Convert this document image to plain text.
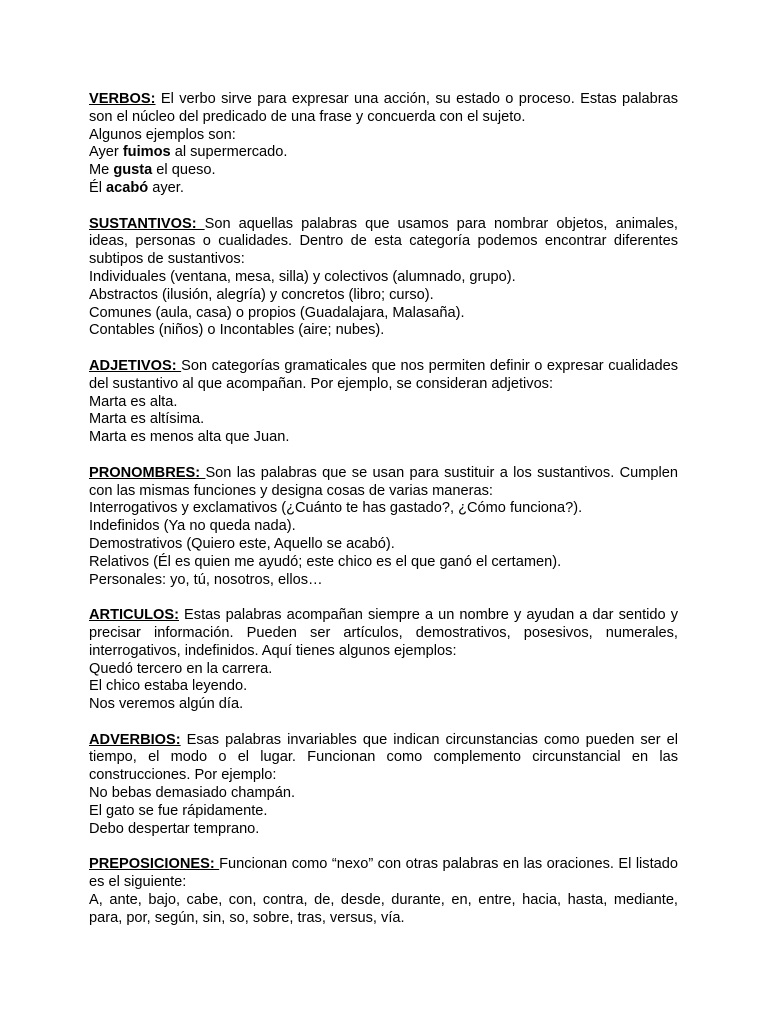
VERBOS: El verbo sirve para expresar una acción, su estado o proceso. Estas palabras son el núcleo del predicado de una frase y concuerda con el sujeto.

Algunos ejemplos son:

Ayer fuimos al supermercado.

Me gusta el queso.

Él acabó ayer.

SUSTANTIVOS: Son aquellas palabras que usamos para nombrar objetos, animales, ideas, personas o cualidades. Dentro de esta categoría podemos encontrar diferentes subtipos de sustantivos:

Individuales (ventana, mesa, silla) y colectivos (alumnado, grupo).

Abstractos (ilusión, alegría) y concretos (libro; curso).

Comunes (aula, casa) o propios (Guadalajara, Malasaña).

Contables (niños) o Incontables (aire; nubes).

ADJETIVOS: Son categorías gramaticales que nos permiten definir o expresar cualidades del sustantivo al que acompañan. Por ejemplo, se consideran adjetivos:

Marta es alta.

Marta es altísima.

Marta es menos alta que Juan.

PRONOMBRES: Son las palabras que se usan para sustituir a los sustantivos. Cumplen con las mismas funciones y designa cosas de varias maneras:

Interrogativos y exclamativos (¿Cuánto te has gastado?, ¿Cómo funciona?).

Indefinidos (Ya no queda nada).

Demostrativos (Quiero este, Aquello se acabó).

Relativos (Él es quien me ayudó; este chico es el que ganó el certamen).

Personales: yo, tú, nosotros, ellos…

ARTICULOS: Estas palabras acompañan siempre a un nombre y ayudan a dar sentido y precisar información. Pueden ser artículos, demostrativos, posesivos, numerales, interrogativos, indefinidos. Aquí tienes algunos ejemplos:

Quedó tercero en la carrera.

El chico estaba leyendo.

Nos veremos algún día.

ADVERBIOS: Esas palabras invariables que indican circunstancias como pueden ser el tiempo, el modo o el lugar. Funcionan como complemento circunstancial en las construcciones. Por ejemplo:

No bebas demasiado champán.

El gato se fue rápidamente.

Debo despertar temprano.

PREPOSICIONES: Funcionan como “nexo” con otras palabras en las oraciones. El listado es el siguiente:

A, ante, bajo, cabe, con, contra, de, desde, durante, en, entre, hacia, hasta, mediante, para, por, según, sin, so, sobre, tras, versus, vía.
